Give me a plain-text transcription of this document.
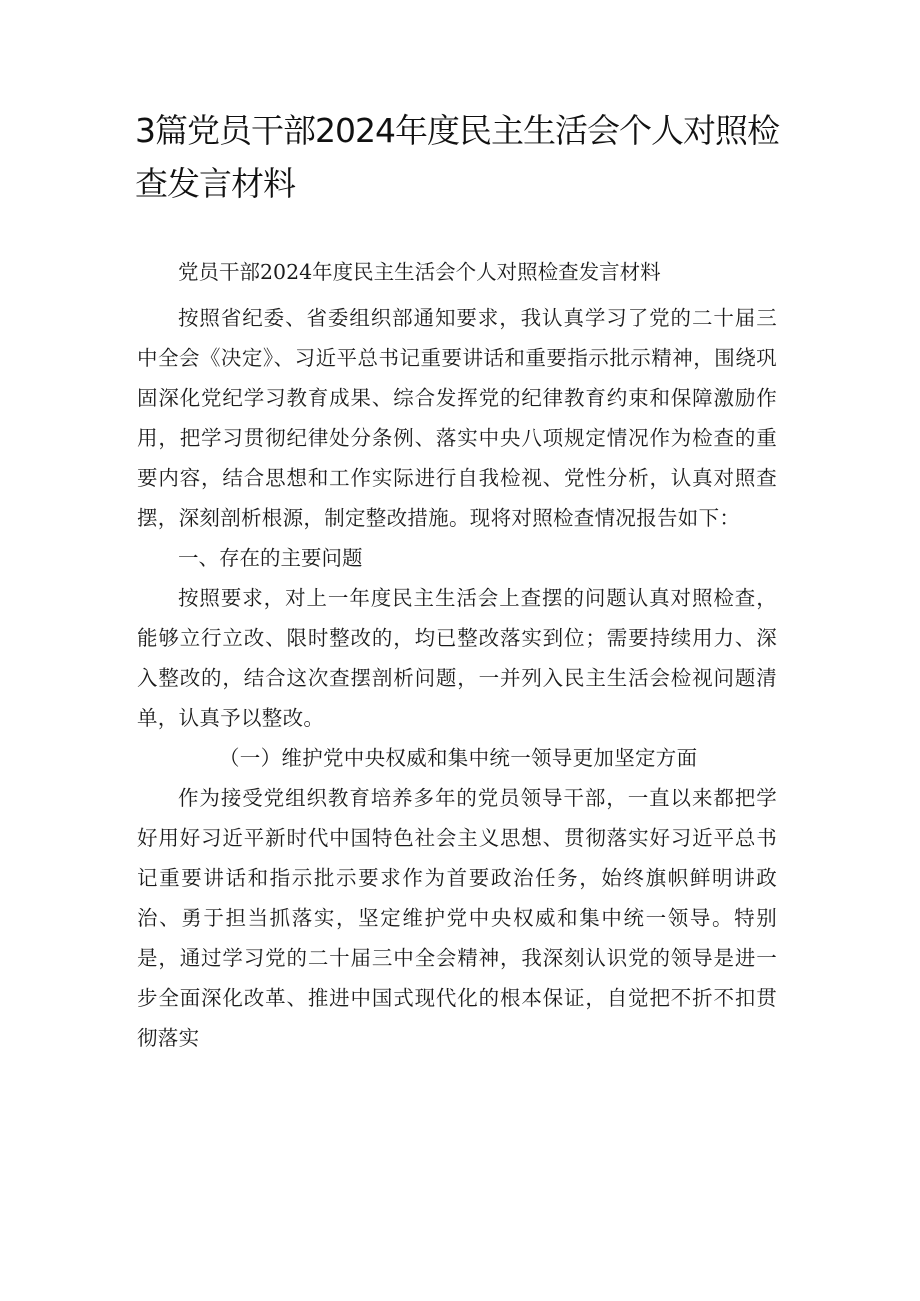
3篇党员干部2024年度民主生活会个人对照检查发言材料

党员干部2024年度民主生活会个人对照检查发言材料

按照省纪委、省委组织部通知要求，我认真学习了党的二十届三中全会《决定》、习近平总书记重要讲话和重要指示批示精神，围绕巩固深化党纪学习教育成果、综合发挥党的纪律教育约束和保障激励作用，把学习贯彻纪律处分条例、落实中央八项规定情况作为检查的重要内容，结合思想和工作实际进行自我检视、党性分析，认真对照查摆，深刻剖析根源，制定整改措施。现将对照检查情况报告如下：

一、存在的主要问题

按照要求，对上一年度民主生活会上查摆的问题认真对照检查，能够立行立改、限时整改的，均已整改落实到位；需要持续用力、深入整改的，结合这次查摆剖析问题，一并列入民主生活会检视问题清单，认真予以整改。

（一）维护党中央权威和集中统一领导更加坚定方面

作为接受党组织教育培养多年的党员领导干部，一直以来都把学好用好习近平新时代中国特色社会主义思想、贯彻落实好习近平总书记重要讲话和指示批示要求作为首要政治任务，始终旗帜鲜明讲政治、勇于担当抓落实，坚定维护党中央权威和集中统一领导。特别是，通过学习党的二十届三中全会精神，我深刻认识党的领导是进一步全面深化改革、推进中国式现代化的根本保证，自觉把不折不扣贯彻落实
